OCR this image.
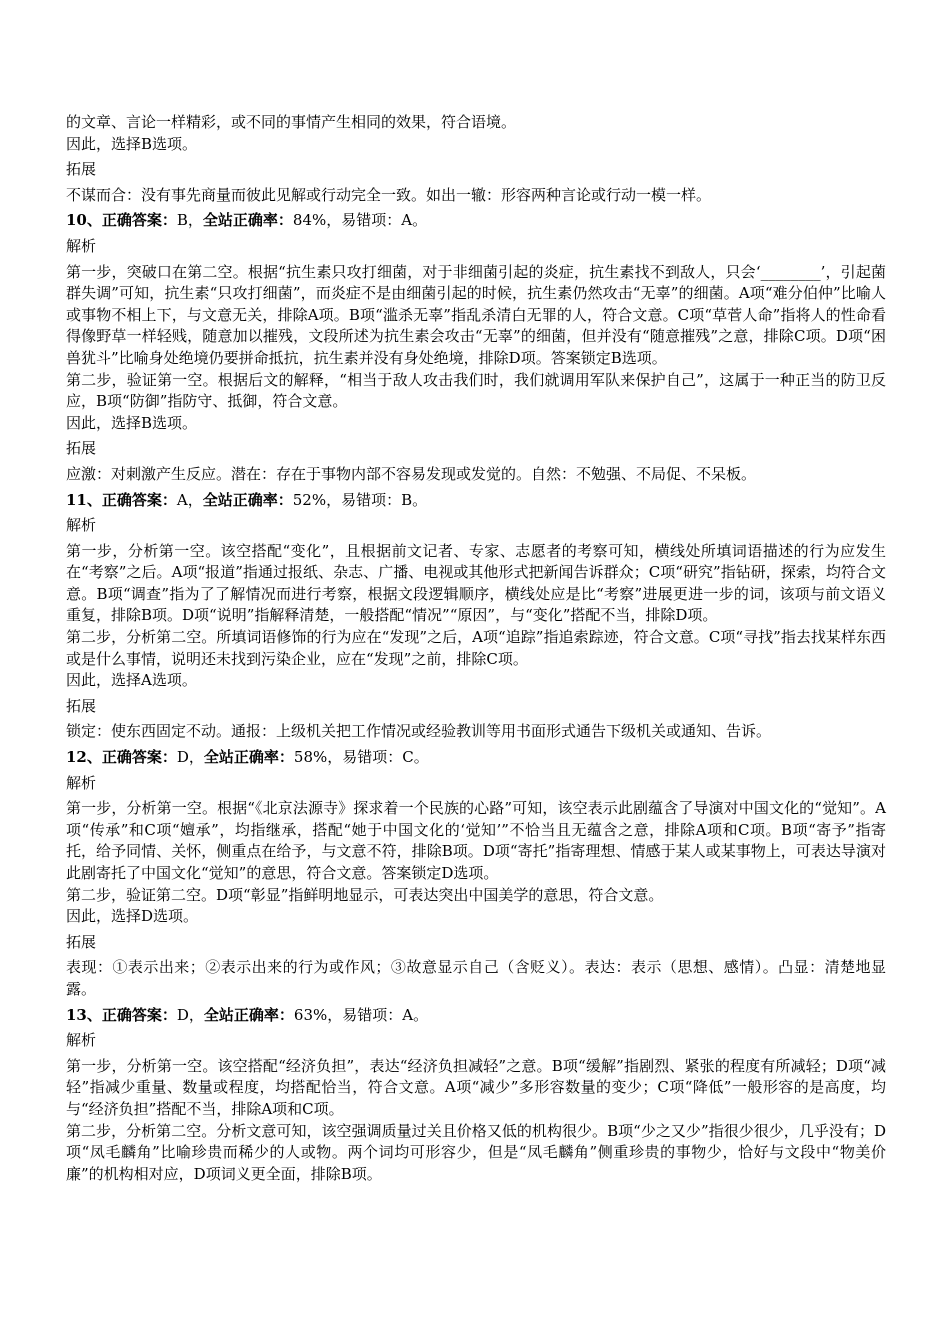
的文章、言论一样精彩，或不同的事情产生相同的效果，符合语境。

因此，选择B选项。

拓展

不谋而合：没有事先商量而彼此见解或行动完全一致。如出一辙：形容两种言论或行动一模一样。

10、正确答案：B，全站正确率：84%，易错项：A。

解析

第一步，突破口在第二空。根据“抗生素只攻打细菌，对于非细菌引起的炎症，抗生素找不到敌人，只会‘________’，引起菌群失调”可知，抗生素“只攻打细菌”，而炎症不是由细菌引起的时候，抗生素仍然攻击“无辜”的细菌。A项“难分伯仲”比喻人或事物不相上下，与文意无关，排除A项。B项“滥杀无辜”指乱杀清白无罪的人，符合文意。C项“草菅人命”指将人的性命看得像野草一样轻贱，随意加以摧残，文段所述为抗生素会攻击“无辜”的细菌，但并没有“随意摧残”之意，排除C项。D项“困兽犹斗”比喻身处绝境仍要拼命抵抗，抗生素并没有身处绝境，排除D项。答案锁定B选项。

第二步，验证第一空。根据后文的解释，“相当于敌人攻击我们时，我们就调用军队来保护自己”，这属于一种正当的防卫反应，B项“防御”指防守、抵御，符合文意。

因此，选择B选项。

拓展

应激：对刺激产生反应。潜在：存在于事物内部不容易发现或发觉的。自然：不勉强、不局促、不呆板。

11、正确答案：A，全站正确率：52%，易错项：B。

解析

第一步，分析第一空。该空搭配“变化”，且根据前文记者、专家、志愿者的考察可知，横线处所填词语描述的行为应发生在“考察”之后。A项“报道”指通过报纸、杂志、广播、电视或其他形式把新闻告诉群众；C项“研究”指钻研，探索，均符合文意。B项“调查”指为了了解情况而进行考察，根据文段逻辑顺序，横线处应是比“考察”进展更进一步的词，该项与前文语义重复，排除B项。D项“说明”指解释清楚，一般搭配“情况”“原因”，与“变化”搭配不当，排除D项。

第二步，分析第二空。所填词语修饰的行为应在“发现”之后，A项“追踪”指追索踪迹，符合文意。C项“寻找”指去找某样东西或是什么事情，说明还未找到污染企业，应在“发现”之前，排除C项。

因此，选择A选项。

拓展

锁定：使东西固定不动。通报：上级机关把工作情况或经验教训等用书面形式通告下级机关或通知、告诉。

12、正确答案：D，全站正确率：58%，易错项：C。

解析

第一步，分析第一空。根据“《北京法源寺》探求着一个民族的心路”可知，该空表示此剧蕴含了导演对中国文化的“觉知”。A项“传承”和C项“嬗承”，均指继承，搭配“她于中国文化的‘觉知’”不恰当且无蕴含之意，排除A项和C项。B项“寄予”指寄托，给予同情、关怀，侧重点在给予，与文意不符，排除B项。D项“寄托”指寄理想、情感于某人或某事物上，可表达导演对此剧寄托了中国文化“觉知”的意思，符合文意。答案锁定D选项。

第二步，验证第二空。D项“彰显”指鲜明地显示，可表达突出中国美学的意思，符合文意。

因此，选择D选项。

拓展

表现：①表示出来；②表示出来的行为或作风；③故意显示自己（含贬义）。表达：表示（思想、感情）。凸显：清楚地显露。

13、正确答案：D，全站正确率：63%，易错项：A。

解析

第一步，分析第一空。该空搭配“经济负担”，表达“经济负担减轻”之意。B项“缓解”指剧烈、紧张的程度有所减轻；D项“减轻”指减少重量、数量或程度，均搭配恰当，符合文意。A项“减少”多形容数量的变少；C项“降低”一般形容的是高度，均与“经济负担”搭配不当，排除A项和C项。

第二步，分析第二空。分析文意可知，该空强调质量过关且价格又低的机构很少。B项“少之又少”指很少很少，几乎没有；D项“凤毛麟角”比喻珍贵而稀少的人或物。两个词均可形容少，但是“凤毛麟角”侧重珍贵的事物少，恰好与文段中“物美价廉”的机构相对应，D项词义更全面，排除B项。
